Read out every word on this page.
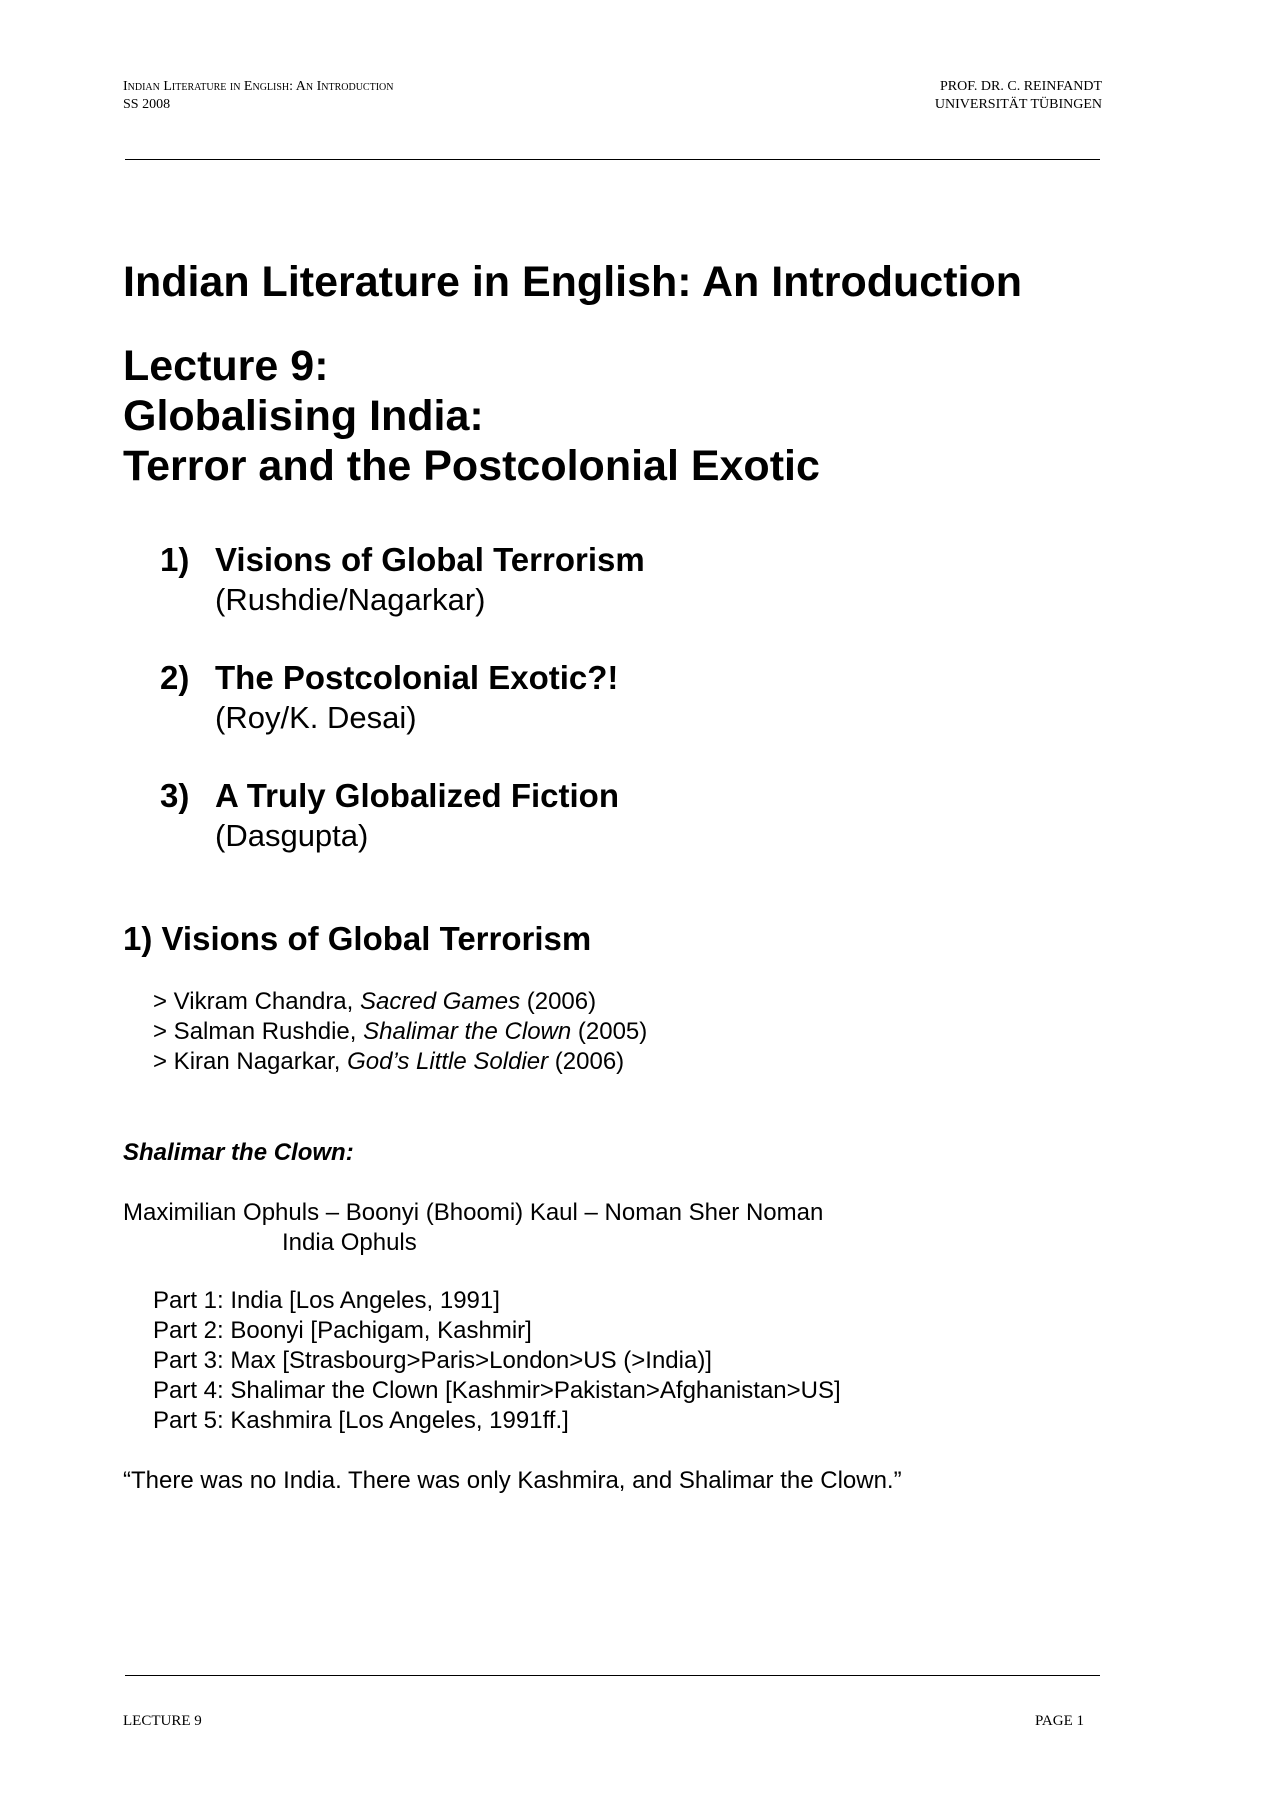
Indian Literature in English: An Introduction
SS 2008
PROF. DR. C. REINFANDT
UNIVERSITÄT TÜBINGEN
Indian Literature in English: An Introduction
Lecture 9:
Globalising India:
Terror and the Postcolonial Exotic
1) Visions of Global Terrorism
(Rushdie/Nagarkar)
2) The Postcolonial Exotic?!
(Roy/K. Desai)
3) A Truly Globalized Fiction
(Dasgupta)
1) Visions of Global Terrorism
> Vikram Chandra, Sacred Games (2006)
> Salman Rushdie, Shalimar the Clown (2005)
> Kiran Nagarkar, God’s Little Soldier (2006)
Shalimar the Clown:
Maximilian Ophuls – Boonyi (Bhoomi) Kaul – Noman Sher Noman
India Ophuls
Part 1: India [Los Angeles, 1991]
Part 2: Boonyi [Pachigam, Kashmir]
Part 3: Max [Strasbourg>Paris>London>US (>India)]
Part 4: Shalimar the Clown [Kashmir>Pakistan>Afghanistan>US]
Part 5: Kashmira [Los Angeles, 1991ff.]
“There was no India. There was only Kashmira, and Shalimar the Clown.”
LECTURE 9	PAGE 1
